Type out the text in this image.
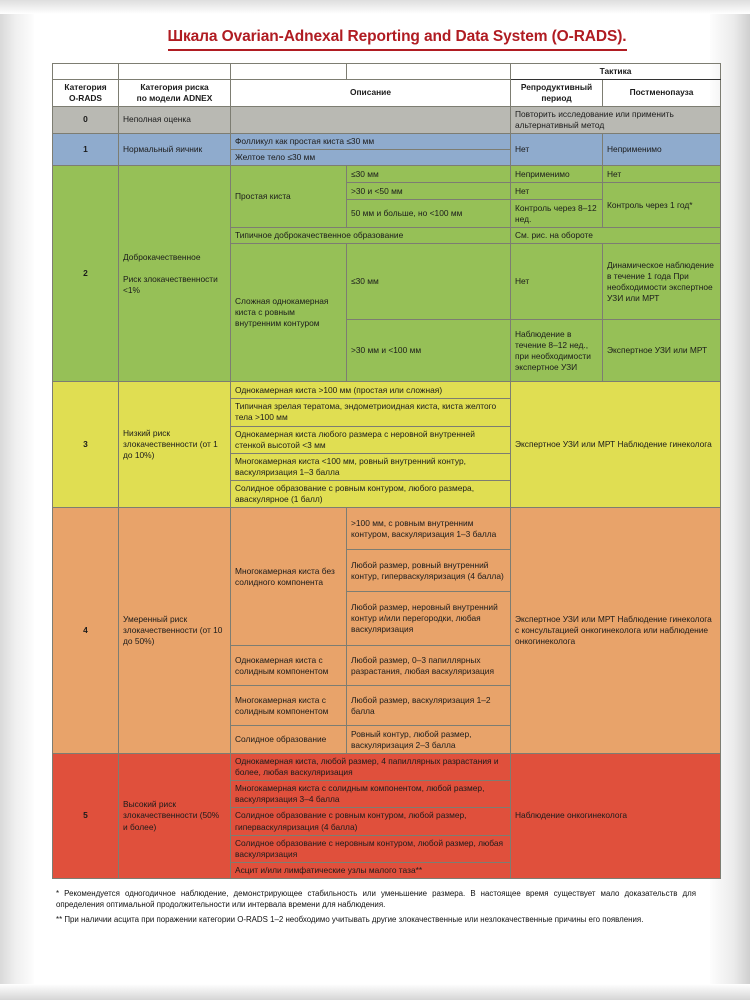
Шкала Ovarian-Adnexal Reporting and Data System (O-RADS).
				Тактика	

Категория
O-RADS

Категория риска
по модели ADNEX
	Описание	
Репродуктивный
период
	Постменопауза
0	Неполная оценка			Повторить исследование или применить альтернативный метод	
1	Нормальный яичник	Фолликул как простая киста ≤30 мм		Нет	Неприменимо
		Желтое тело ≤30 мм			
2	Доброкачественное
Риск злокачественности <1%	Простая киста	≤30 мм	Неприменимо	Нет
			>30 и <50 мм	Нет	Контроль через 1 год*
			50 мм и больше, но <100 мм	Контроль через 8–12 нед.	
		Типичное доброкачественное образование		См. рис. на обороте	
		Сложная однокамерная киста с ровным внутренним контуром	≤30 мм	Нет	Динамическое наблюдение в течение 1 года При необходимости экспертное УЗИ или МРТ
			>30 мм и <100 мм	Наблюдение в течение 8–12 нед., при необходимости экспертное УЗИ	Экспертное УЗИ или МРТ
3	Низкий риск злокачественности (от 1 до 10%)	Однокамерная киста >100 мм (простая или сложная)		Экспертное УЗИ или МРТ Наблюдение гинеколога	
		Типичная зрелая тератома, эндометриоидная киста, киста желтого тела >100 мм			
		Однокамерная киста любого размера с неровной внутренней стенкой высотой <3 мм			
		Многокамерная киста <100 мм, ровный внутренний контур, васкуляризация 1–3 балла			
		Солидное образование с ровным контуром, любого размера, аваскулярное (1 балл)			
4	Умеренный риск злокачественности (от 10 до 50%)	Многокамерная киста без солидного компонента	>100 мм, с ровным внутренним контуром, васкуляризация 1–3 балла	Экспертное УЗИ или МРТ Наблюдение гинеколога с консультацией онкогинеколога или наблюдение онкогинеколога	
			Любой размер, ровный внутренний контур, гиперваскуляризация (4 балла)		
			Любой размер, неровный внутренний контур и/или перегородки, любая васкуляризация		
		Однокамерная киста с солидным компонентом	Любой размер, 0–3 папиллярных разрастания, любая васкуляризация		
		Многокамерная киста с солидным компонентом	Любой размер, васкуляризация 1–2 балла		
		Солидное образование	Ровный контур, любой размер, васкуляризация 2–3 балла		
5	Высокий риск злокачественности (50% и более)	Однокамерная киста, любой размер, 4 папиллярных разрастания и более, любая васкуляризация		Наблюдение онкогинеколога	
		Многокамерная киста с солидным компонентом, любой размер, васкуляризация 3–4 балла			
		Солидное образование с ровным контуром, любой размер, гиперваскуляризация (4 балла)			
		Солидное образование с неровным контуром, любой размер, любая васкуляризация			
		Асцит и/или лимфатические узлы малого таза**			

* Рекомендуется одногодичное наблюдение, демонстрирующее стабильность или уменьшение размера. В настоящее время существует мало доказательств для определения оптимальной продолжительности или интервала времени для наблюдения.

** При наличии асцита при поражении категории O-RADS 1–2 необходимо учитывать другие злокачественные или незлокачественные причины его появления.
